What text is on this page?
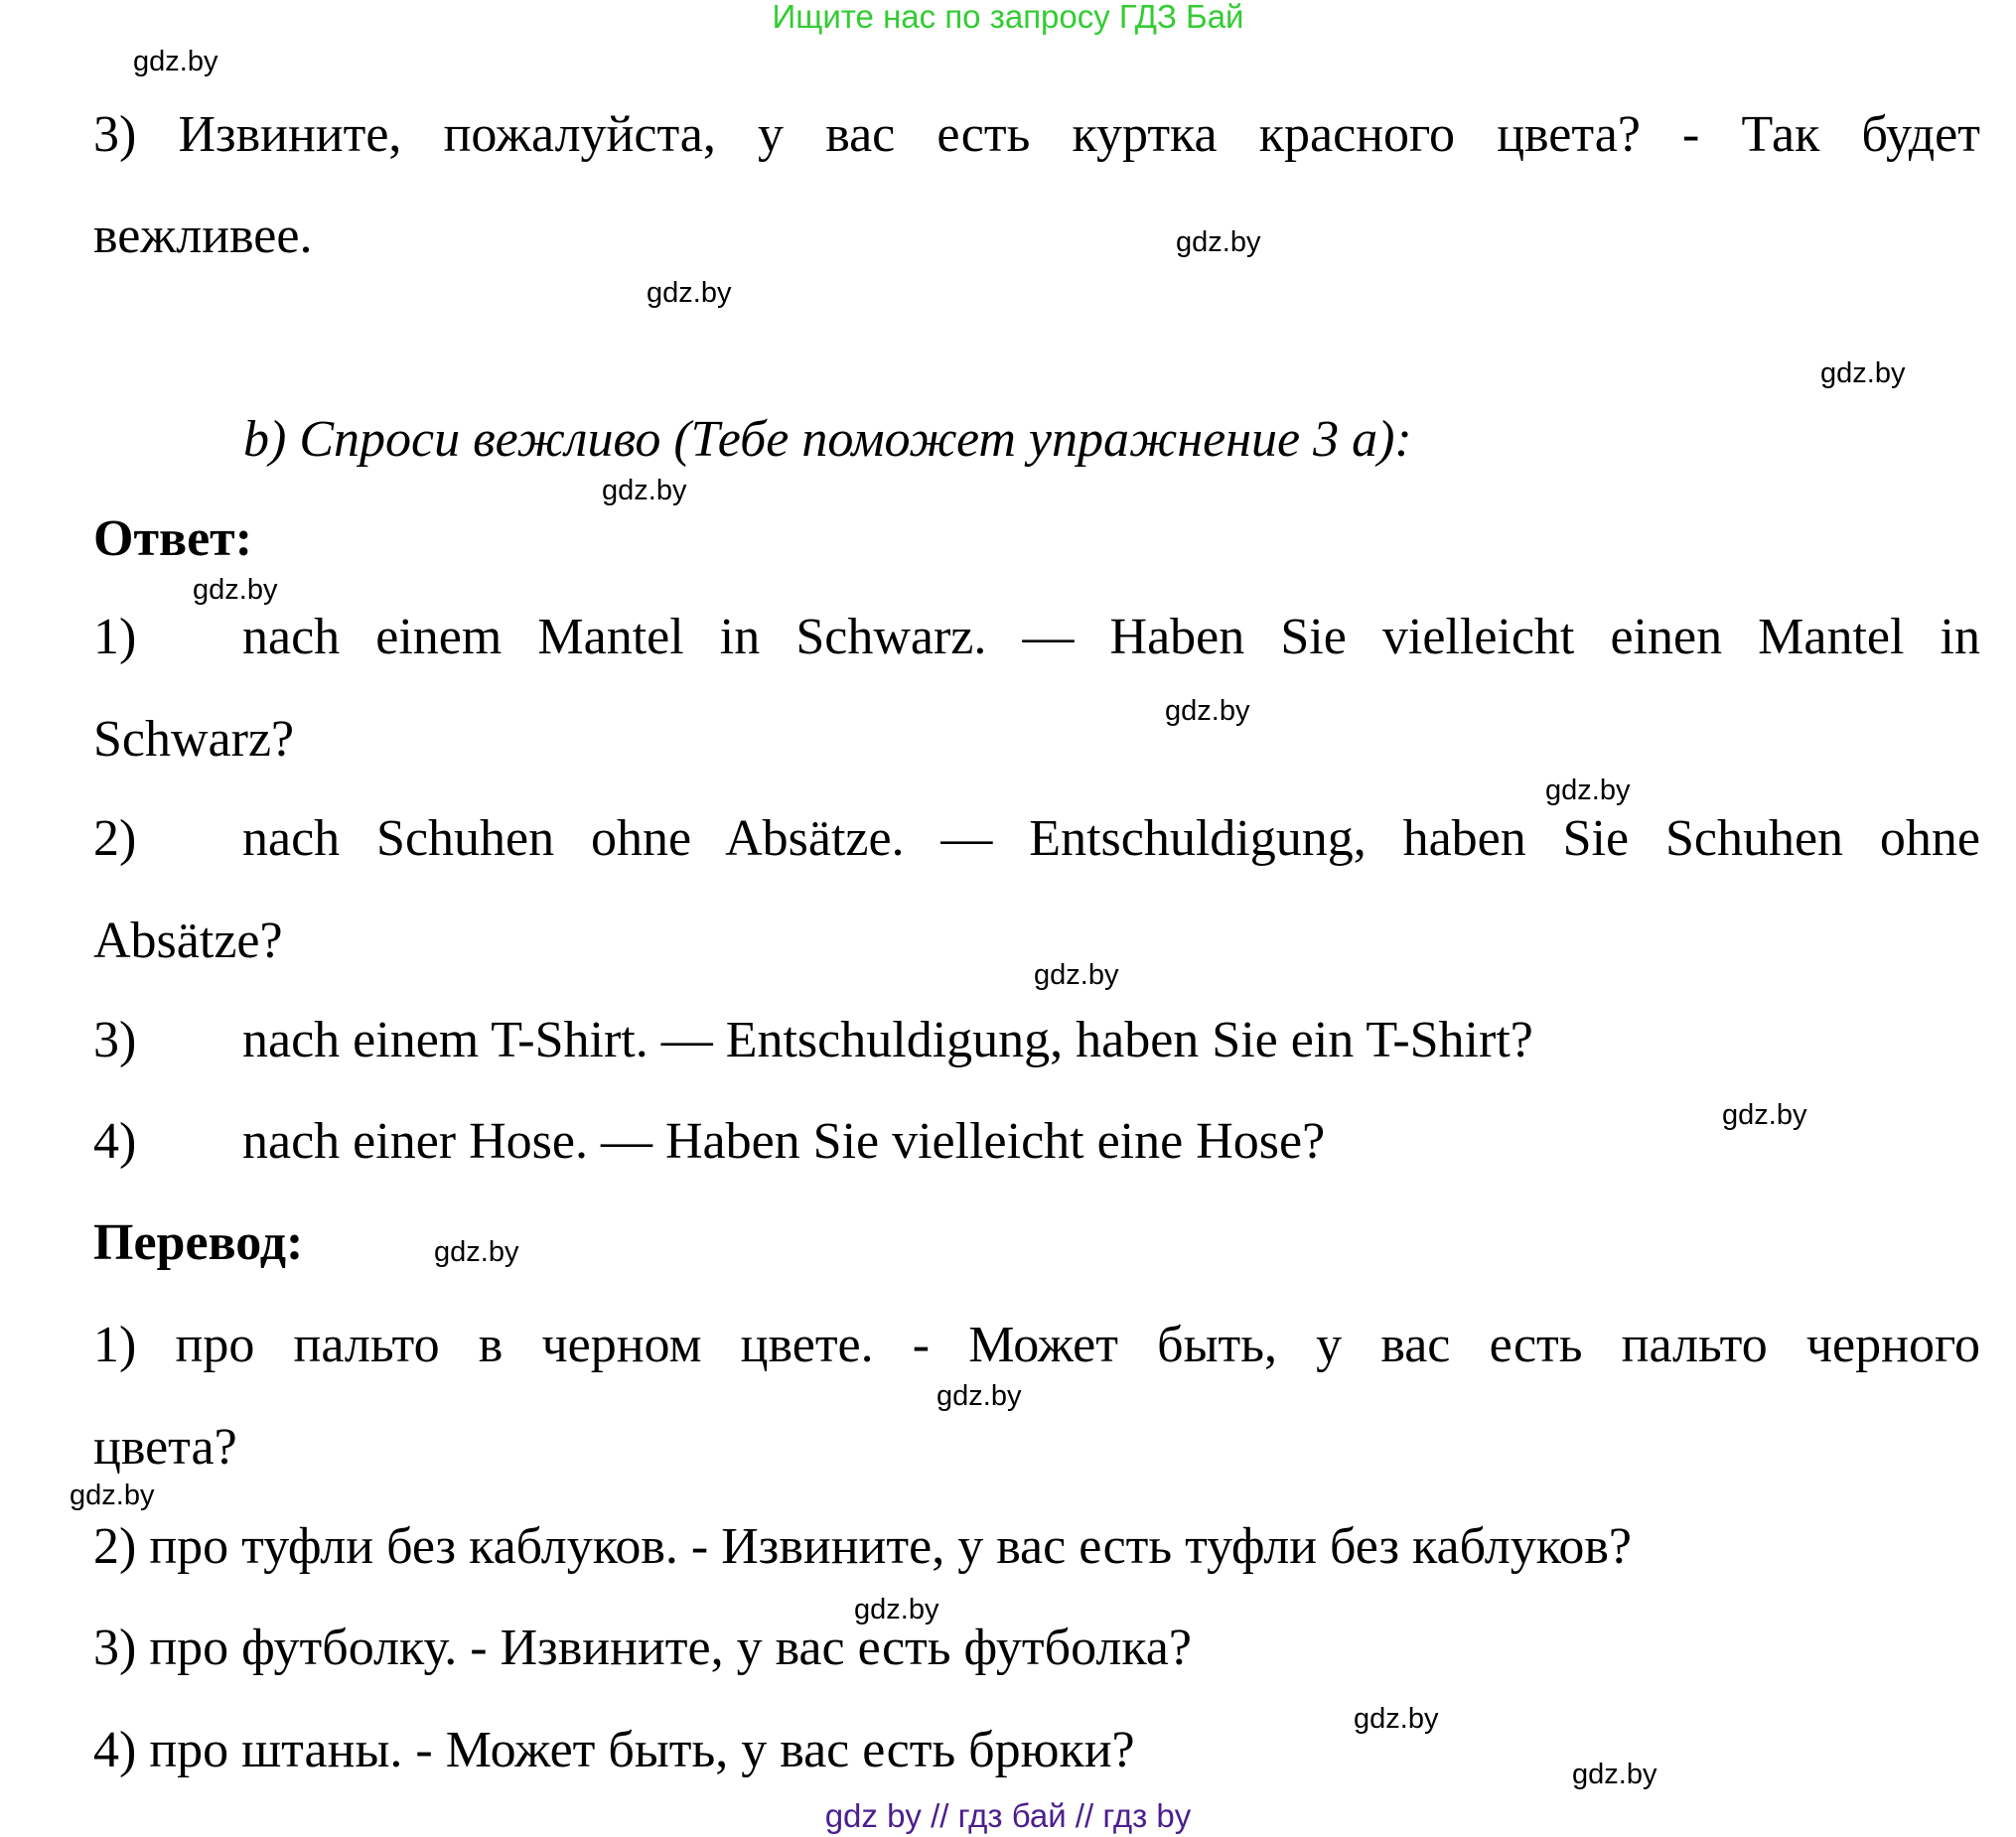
Ищите нас по запросу ГДЗ Бай
3) Извините, пожалуйста, у вас есть куртка красного цвета? - Так будет
вежливее.
b) Спроси вежливо (Тебе поможет упражнение 3 a):
Ответ:
1) nach einem Mantel in Schwarz. — Haben Sie vielleicht einen Mantel in
Schwarz?
2) nach Schuhen ohne Absätze. — Entschuldigung, haben Sie Schuhen ohne
Absätze?
3) nach einem T-Shirt. — Entschuldigung, haben Sie ein T-Shirt?
4) nach einer Hose. — Haben Sie vielleicht eine Hose?
Перевод:
1) про пальто в черном цвете. - Может быть, у вас есть пальто черного
цвета?
2) про туфли без каблуков. - Извините, у вас есть туфли без каблуков?
3) про футболку. - Извините, у вас есть футболка?
4) про штаны. - Может быть, у вас есть брюки?
gdz by // гдз бай // гдз by
gdz.by
gdz.by
gdz.by
gdz.by
gdz.by
gdz.by
gdz.by
gdz.by
gdz.by
gdz.by
gdz.by
gdz.by
gdz.by
gdz.by
gdz.by
gdz.by
